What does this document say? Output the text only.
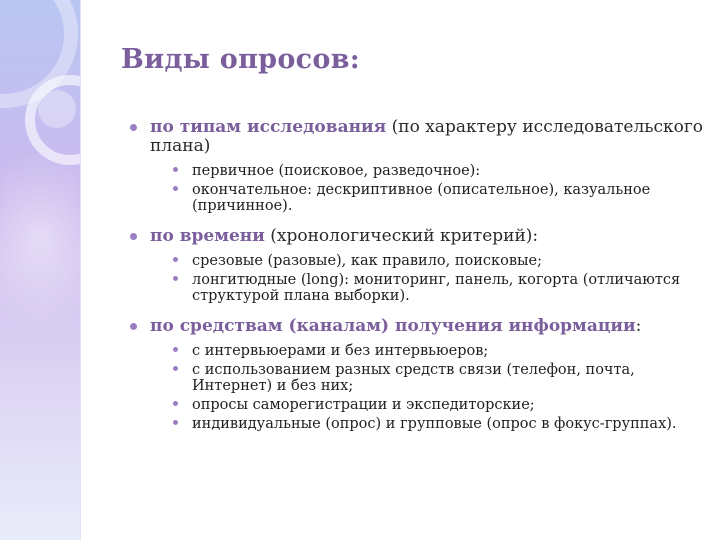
Виды опросов:
по типам исследования (по характеру исследовательского плана)
первичное (поисковое, разведочное):
окончательное: дескриптивное (описательное), казуальное (причинное).
по времени (хронологический критерий):
срезовые (разовые), как правило, поисковые;
лонгитюдные (long): мониторинг, панель, когорта (отличаются структурой плана выборки).
по средствам (каналам) получения информации:
с интервьюерами и без интервьюеров;
с использованием разных средств связи (телефон, почта, Интернет) и без них;
опросы саморегистрации и экспедиторские;
индивидуальные (опрос) и групповые (опрос в фокус-группах).
